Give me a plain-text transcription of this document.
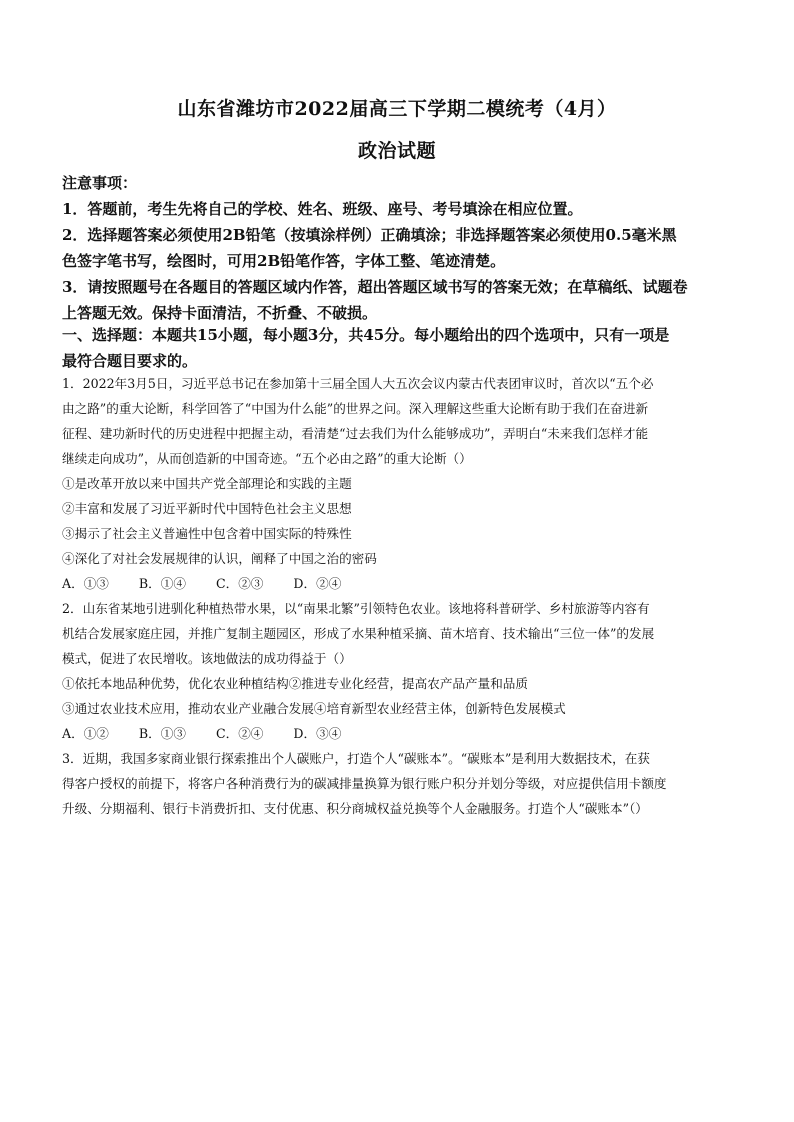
山东省潍坊市2022届高三下学期二模统考（4月）
政治试题
注意事项：
1．答题前，考生先将自己的学校、姓名、班级、座号、考号填涂在相应位置。
2．选择题答案必须使用2B铅笔（按填涂样例）正确填涂；非选择题答案必须使用0.5毫米黑
色签字笔书写，绘图时，可用2B铅笔作答，字体工整、笔迹清楚。
3．请按照题号在各题目的答题区域内作答，超出答题区域书写的答案无效；在草稿纸、试题卷
上答题无效。保持卡面清洁，不折叠、不破损。
一、选择题：本题共15小题，每小题3分，共45分。每小题给出的四个选项中，只有一项是
最符合题目要求的。
1．2022年3月5日，习近平总书记在参加第十三届全国人大五次会议内蒙古代表团审议时，首次以“五个必
由之路”的重大论断，科学回答了“中国为什么能”的世界之问。深入理解这些重大论断有助于我们在奋进新
征程、建功新时代的历史进程中把握主动，看清楚“过去我们为什么能够成功”，弄明白“未来我们怎样才能
继续走向成功”，从而创造新的中国奇迹。“五个必由之路”的重大论断（）
①是改革开放以来中国共产党全部理论和实践的主题
②丰富和发展了习近平新时代中国特色社会主义思想
③揭示了社会主义普遍性中包含着中国实际的特殊性
④深化了对社会发展规律的认识，阐释了中国之治的密码
A．①③ B．①④ C．②③ D．②④
2．山东省某地引进驯化种植热带水果，以“南果北繁”引领特色农业。该地将科普研学、乡村旅游等内容有
机结合发展家庭庄园，并推广复制主题园区，形成了水果种植采摘、苗木培育、技术输出“三位一体”的发展
模式，促进了农民增收。该地做法的成功得益于（）
①依托本地品种优势，优化农业种植结构②推进专业化经营，提高农产品产量和品质
③通过农业技术应用，推动农业产业融合发展④培育新型农业经营主体，创新特色发展模式
A．①② B．①③ C．②④ D．③④
3．近期，我国多家商业银行探索推出个人碳账户，打造个人“碳账本”。“碳账本”是利用大数据技术，在获
得客户授权的前提下，将客户各种消费行为的碳减排量换算为银行账户积分并划分等级，对应提供信用卡额度
升级、分期福利、银行卡消费折扣、支付优惠、积分商城权益兑换等个人金融服务。打造个人“碳账本”（）
